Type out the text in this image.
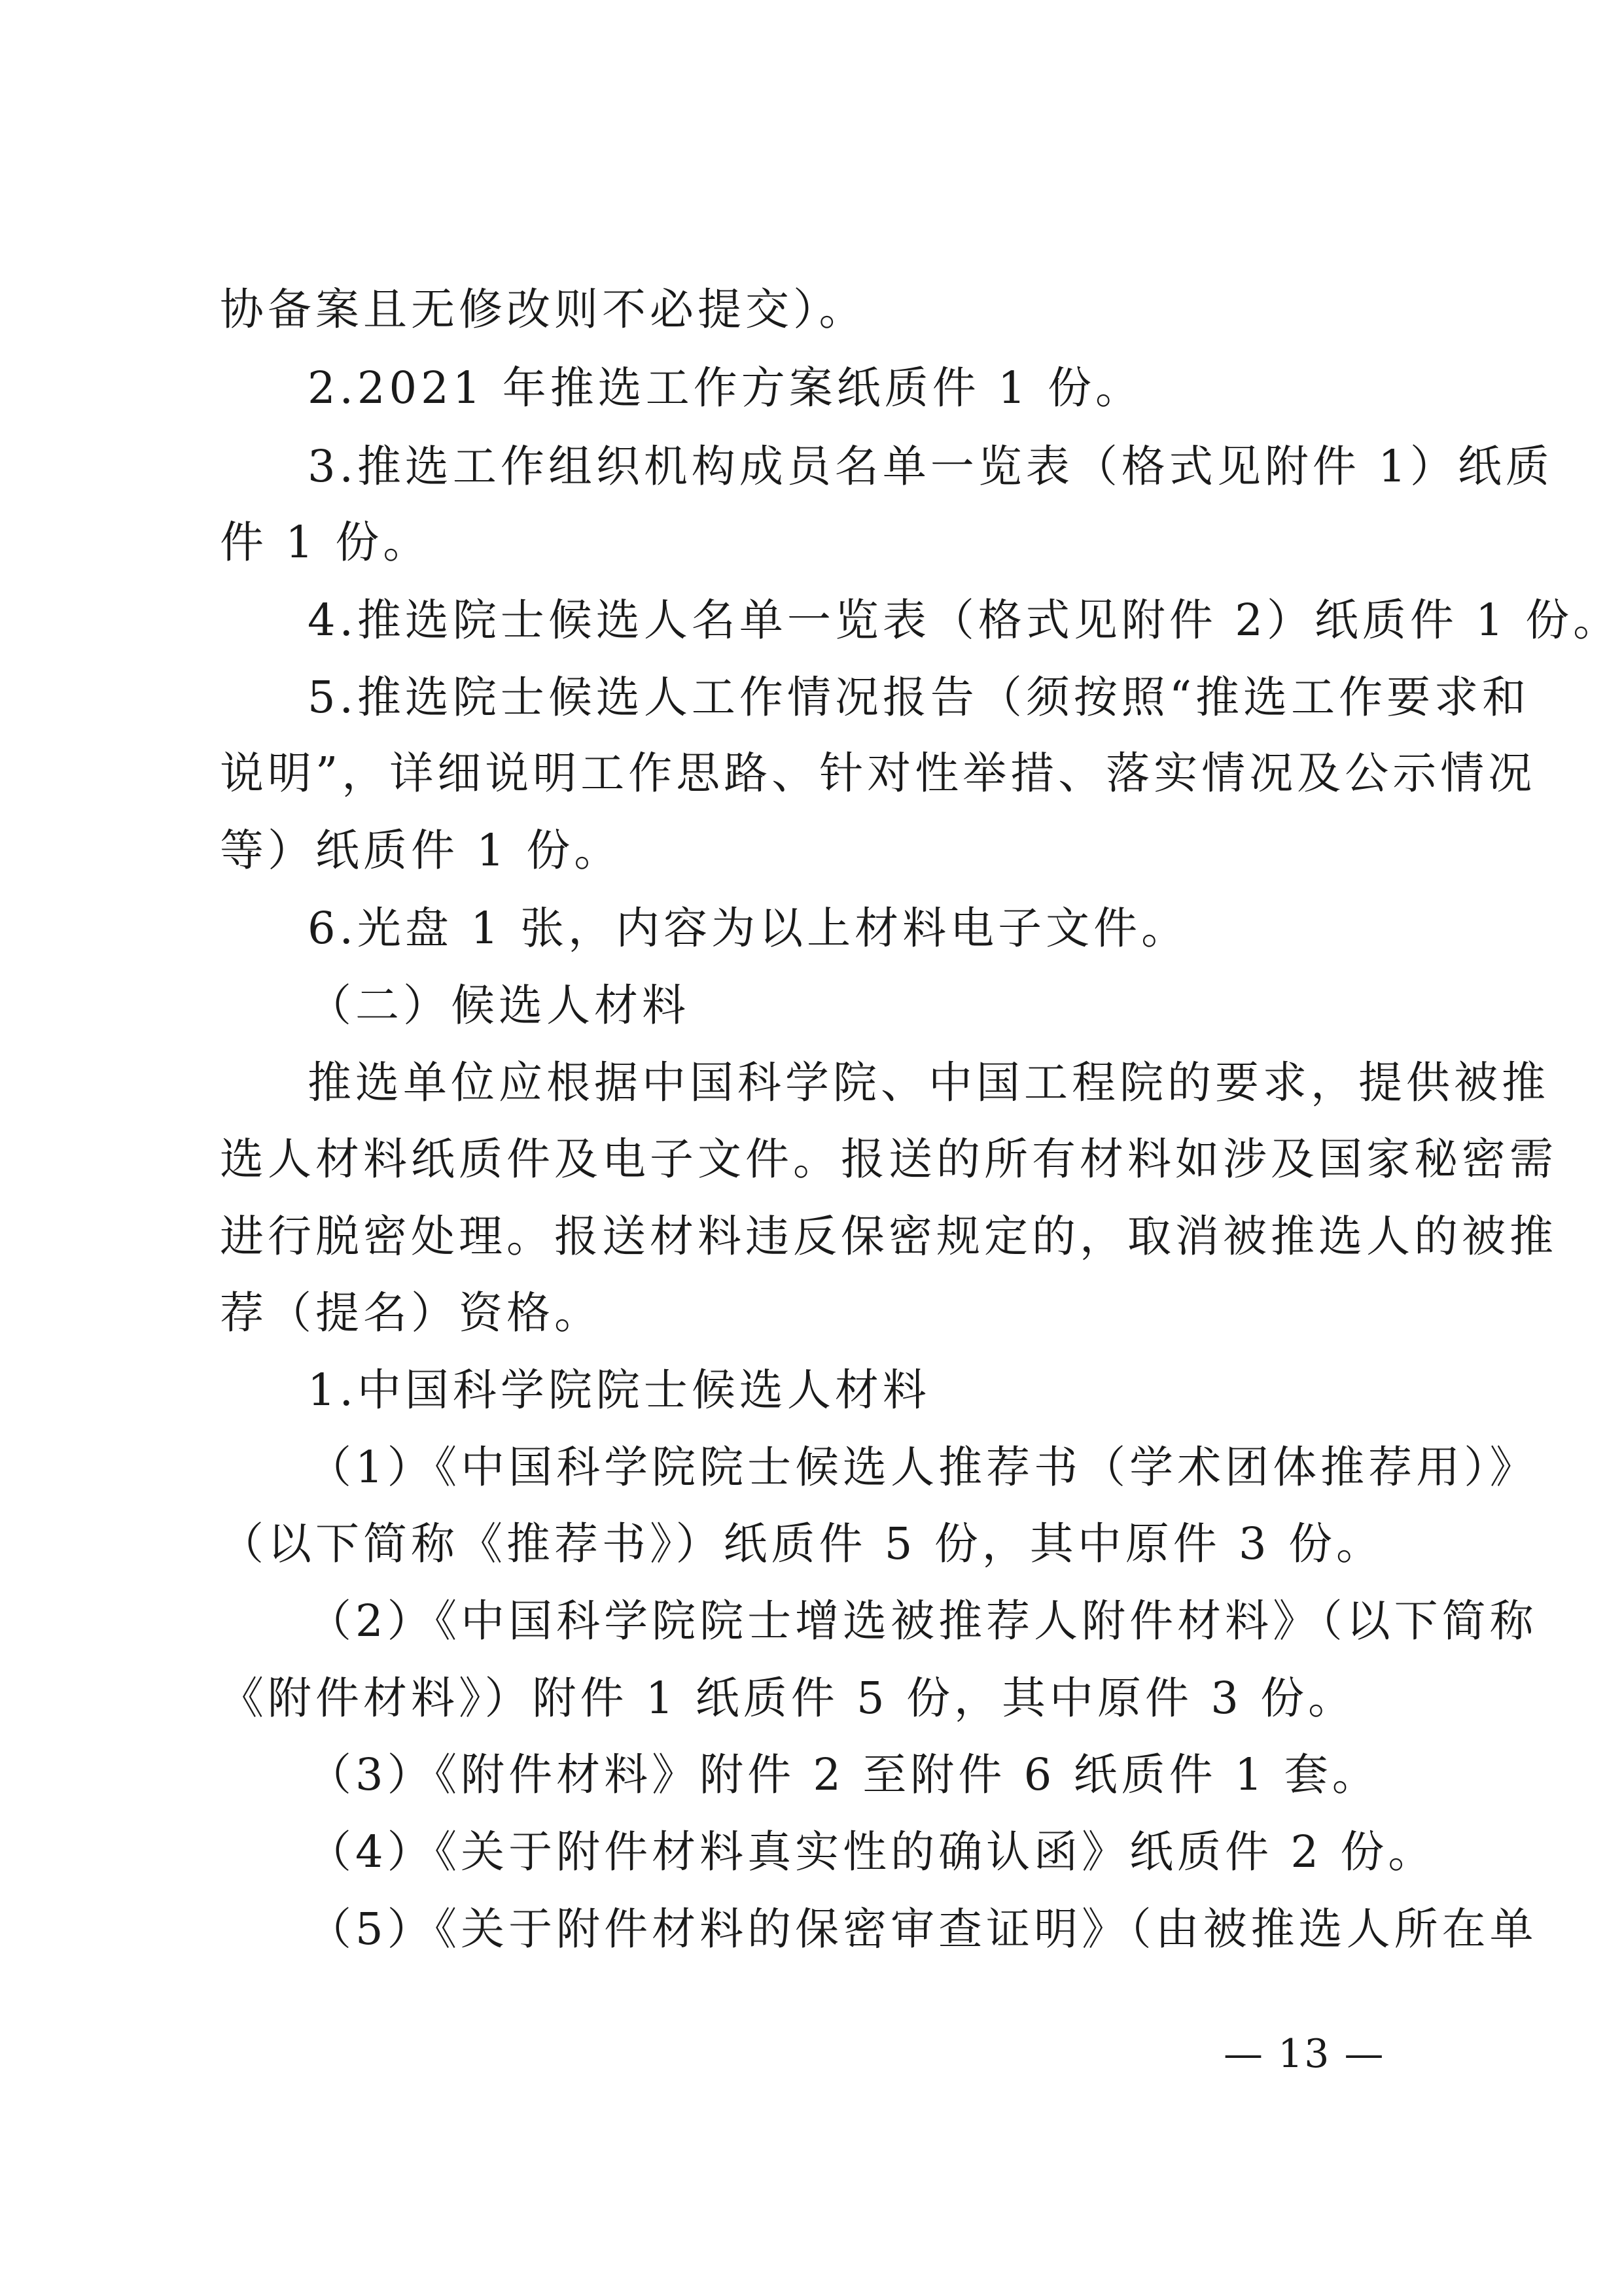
协备案且无修改则不必提交）。
2.2021 年推选工作方案纸质件 1 份。
3.推选工作组织机构成员名单一览表（格式见附件 1）纸质
件 1 份。
4.推选院士候选人名单一览表（格式见附件 2）纸质件 1 份。
5.推选院士候选人工作情况报告（须按照“推选工作要求和
说明”，详细说明工作思路、针对性举措、落实情况及公示情况
等）纸质件 1 份。
6.光盘 1 张，内容为以上材料电子文件。
（二）候选人材料
推选单位应根据中国科学院、中国工程院的要求，提供被推
选人材料纸质件及电子文件。报送的所有材料如涉及国家秘密需
进行脱密处理。报送材料违反保密规定的，取消被推选人的被推
荐（提名）资格。
1.中国科学院院士候选人材料
（1）《中国科学院院士候选人推荐书（学术团体推荐用）》
（以下简称《推荐书》）纸质件 5 份，其中原件 3 份。
（2）《中国科学院院士增选被推荐人附件材料》（以下简称
《附件材料》）附件 1 纸质件 5 份，其中原件 3 份。
（3）《附件材料》附件 2 至附件 6 纸质件 1 套。
（4）《关于附件材料真实性的确认函》纸质件 2 份。
（5）《关于附件材料的保密审查证明》（由被推选人所在单
— 13 —
